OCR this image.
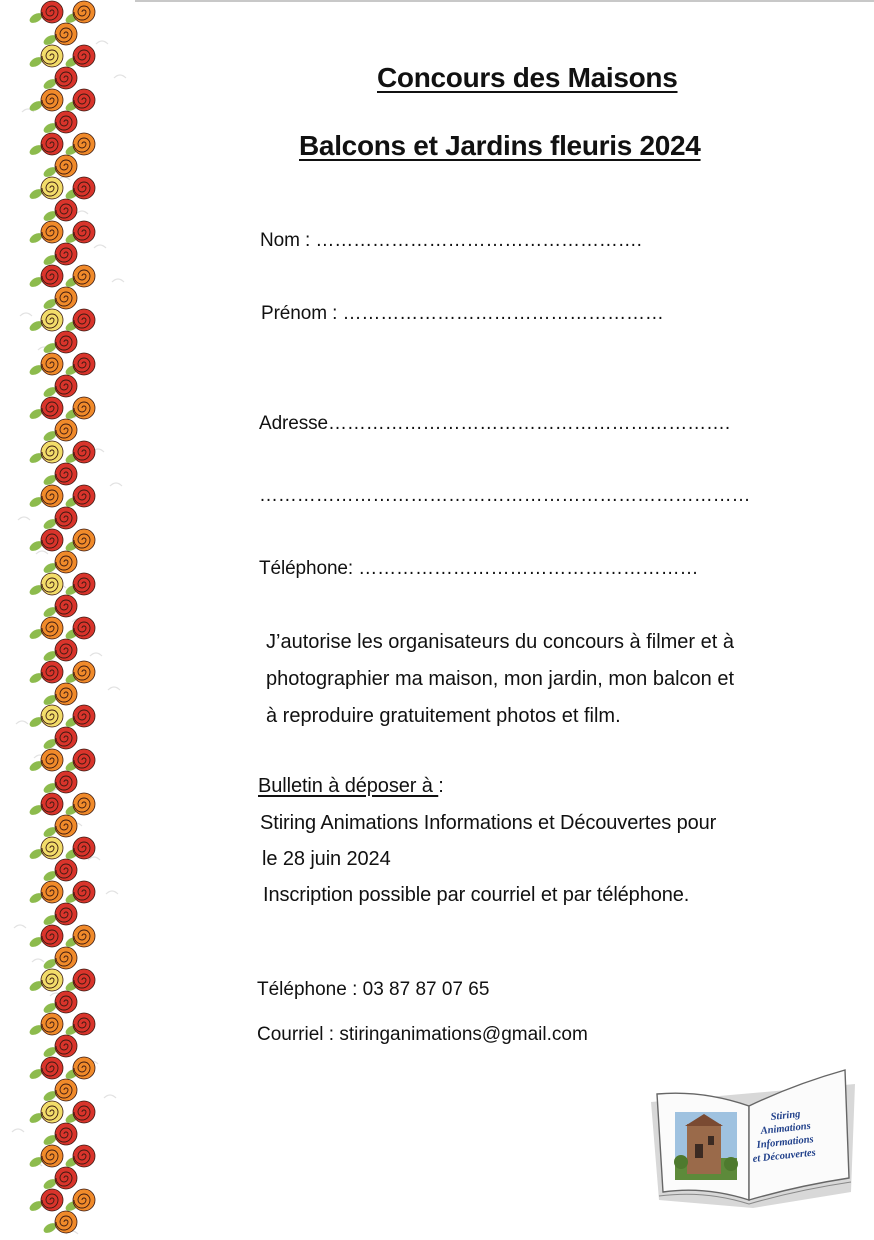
Concours des Maisons
Balcons et Jardins fleuris 2024

Nom : …………………………………………….

Prénom : ……………………………………………

Adresse……………………………………………………….

……………………………………………………………………

Téléphone: ………………………………………………

J’autorise les organisateurs du concours à filmer et à
photographier ma maison, mon jardin, mon balcon et
à reproduire gratuitement photos et film.

Bulletin à déposer à :

Stiring Animations Informations et Découvertes pour

le 28 juin 2024

Inscription possible par courriel et par téléphone.

Téléphone : 03 87 87 07 65

Courriel : stiringanimations@gmail.com

Stiring
Animations
Informations
et Découvertes
